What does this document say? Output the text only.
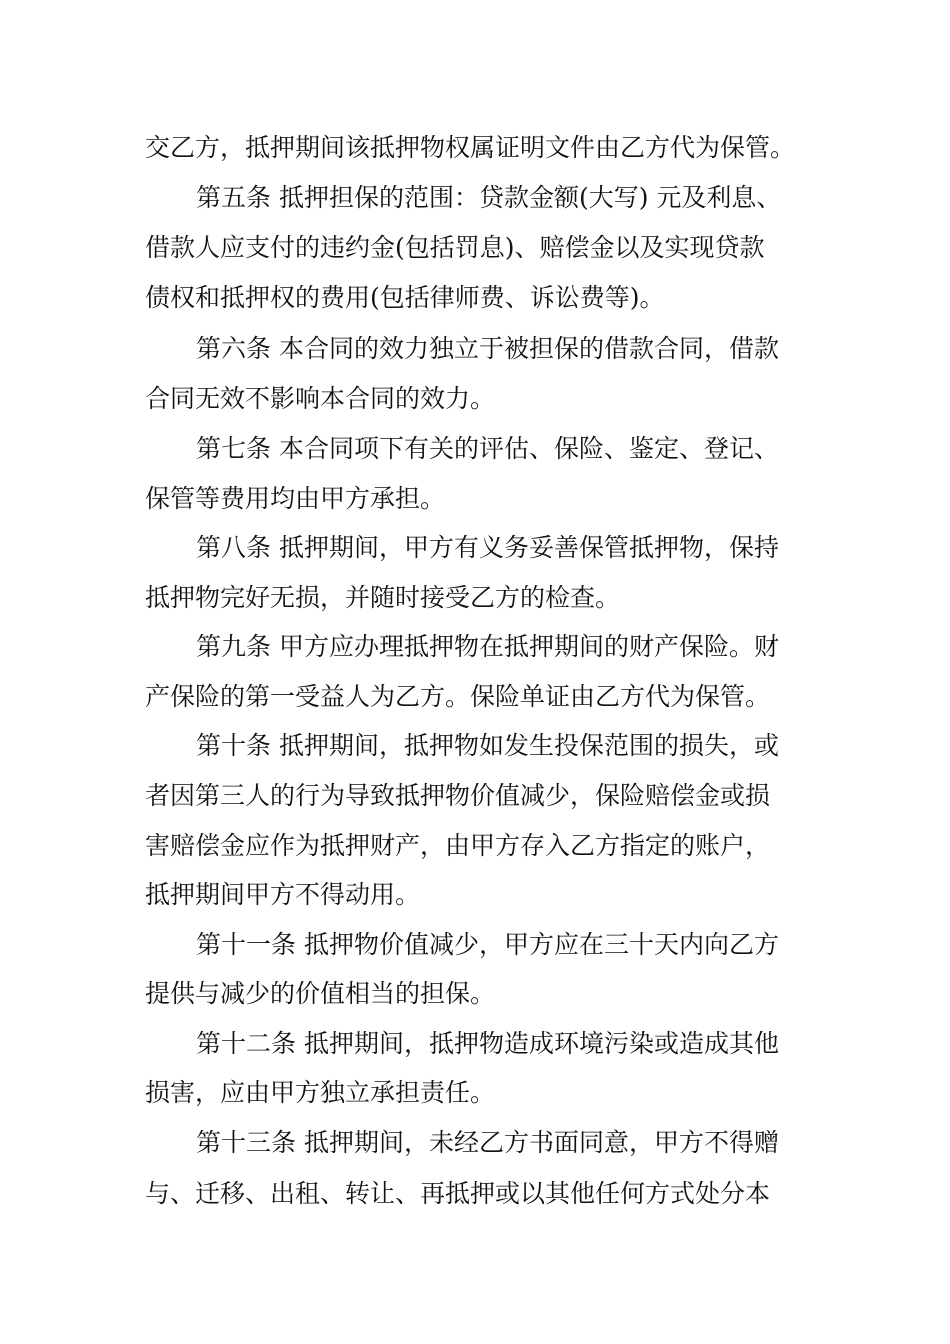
交乙方，抵押期间该抵押物权属证明文件由乙方代为保管。

第五条 抵押担保的范围：贷款金额(大写) 元及利息、

借款人应支付的违约金(包括罚息)、赔偿金以及实现贷款

债权和抵押权的费用(包括律师费、诉讼费等)。

第六条 本合同的效力独立于被担保的借款合同，借款

合同无效不影响本合同的效力。

第七条 本合同项下有关的评估、保险、鉴定、登记、

保管等费用均由甲方承担。

第八条 抵押期间，甲方有义务妥善保管抵押物，保持

抵押物完好无损，并随时接受乙方的检查。

第九条 甲方应办理抵押物在抵押期间的财产保险。财

产保险的第一受益人为乙方。保险单证由乙方代为保管。

第十条 抵押期间，抵押物如发生投保范围的损失，或

者因第三人的行为导致抵押物价值减少，保险赔偿金或损

害赔偿金应作为抵押财产，由甲方存入乙方指定的账户，

抵押期间甲方不得动用。

第十一条 抵押物价值减少，甲方应在三十天内向乙方

提供与减少的价值相当的担保。

第十二条 抵押期间，抵押物造成环境污染或造成其他

损害，应由甲方独立承担责任。

第十三条 抵押期间，未经乙方书面同意，甲方不得赠

与、迁移、出租、转让、再抵押或以其他任何方式处分本
